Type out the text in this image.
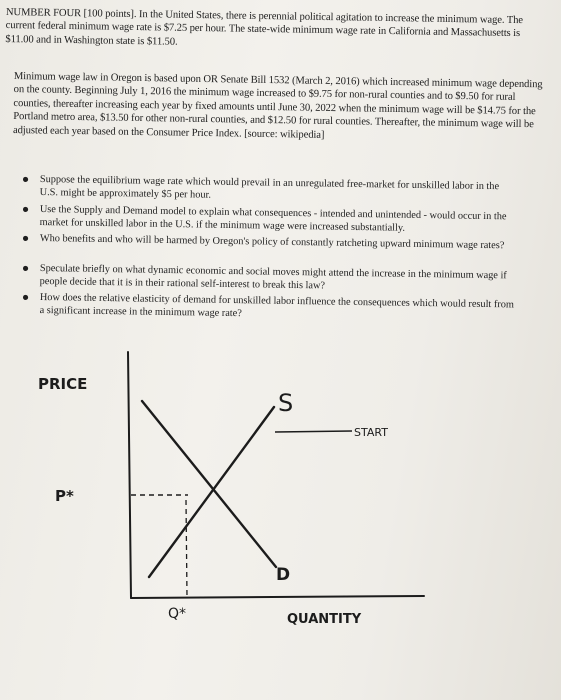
NUMBER FOUR [100 points]. In the United States, there is perennial political agitation to increase the minimum wage. The current federal minimum wage rate is $7.25 per hour. The state-wide minimum wage rate in California and Massachusetts is $11.00 and in Washington state is $11.50.

Minimum wage law in Oregon is based upon OR Senate Bill 1532 (March 2, 2016) which increased minimum wage depending on the county. Beginning July 1, 2016 the minimum wage increased to $9.75 for non-rural counties and to $9.50 for rural counties, thereafter increasing each year by fixed amounts until June 30, 2022 when the minimum wage will be $14.75 for the Portland metro area, $13.50 for other non-rural counties, and $12.50 for rural counties. Thereafter, the minimum wage will be adjusted each year based on the Consumer Price Index. [source: wikipedia]

● Suppose the equilibrium wage rate which would prevail in an unregulated free-market for unskilled labor in the U.S. might be approximately $5 per hour.
● Use the Supply and Demand model to explain what consequences - intended and unintended - would occur in the market for unskilled labor in the U.S. if the minimum wage were increased substantially.
● Who benefits and who will be harmed by Oregon's policy of constantly ratcheting upward minimum wage rates?
● Speculate briefly on what dynamic economic and social moves might attend the increase in the minimum wage if people decide that it is in their rational self-interest to break this law?
● How does the relative elasticity of demand for unskilled labor influence the consequences which would result from a significant increase in the minimum wage rate?
PRICE
S
START
P*
D
Q*	QUANTITY
